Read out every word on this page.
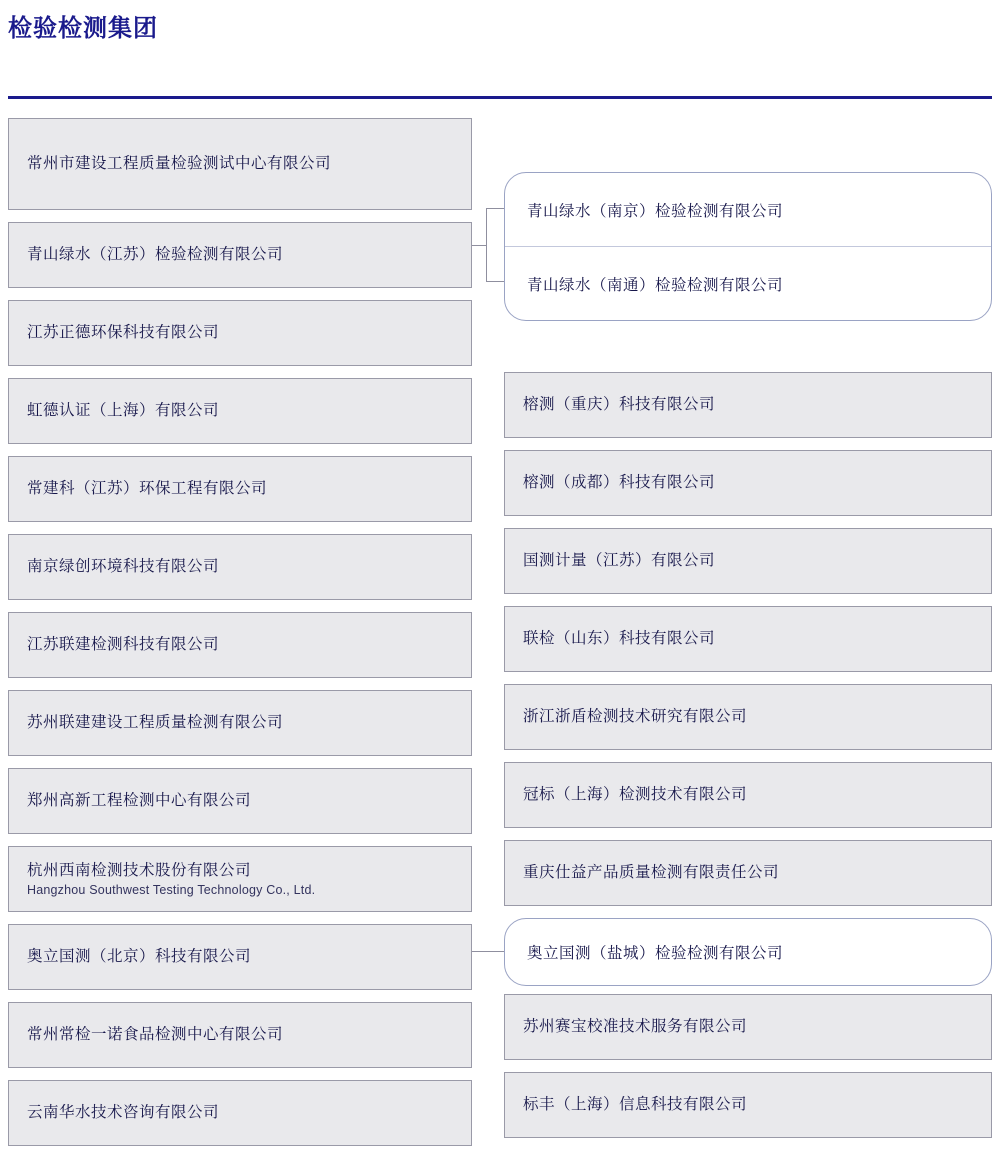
检验检测集团
常州市建设工程质量检验测试中心有限公司
青山绿水（江苏）检验检测有限公司
江苏正德环保科技有限公司
虹德认证（上海）有限公司
常建科（江苏）环保工程有限公司
南京绿创环境科技有限公司
江苏联建检测科技有限公司
苏州联建建设工程质量检测有限公司
郑州高新工程检测中心有限公司
杭州西南检测技术股份有限公司
Hangzhou Southwest Testing Technology Co., Ltd.
奥立国测（北京）科技有限公司
常州常检一诺食品检测中心有限公司
云南华水技术咨询有限公司
青山绿水（南京）检验检测有限公司
青山绿水（南通）检验检测有限公司
榕测（重庆）科技有限公司
榕测（成都）科技有限公司
国测计量（江苏）有限公司
联检（山东）科技有限公司
浙江浙盾检测技术研究有限公司
冠标（上海）检测技术有限公司
重庆仕益产品质量检测有限责任公司
奥立国测（盐城）检验检测有限公司
苏州赛宝校准技术服务有限公司
标丰（上海）信息科技有限公司
